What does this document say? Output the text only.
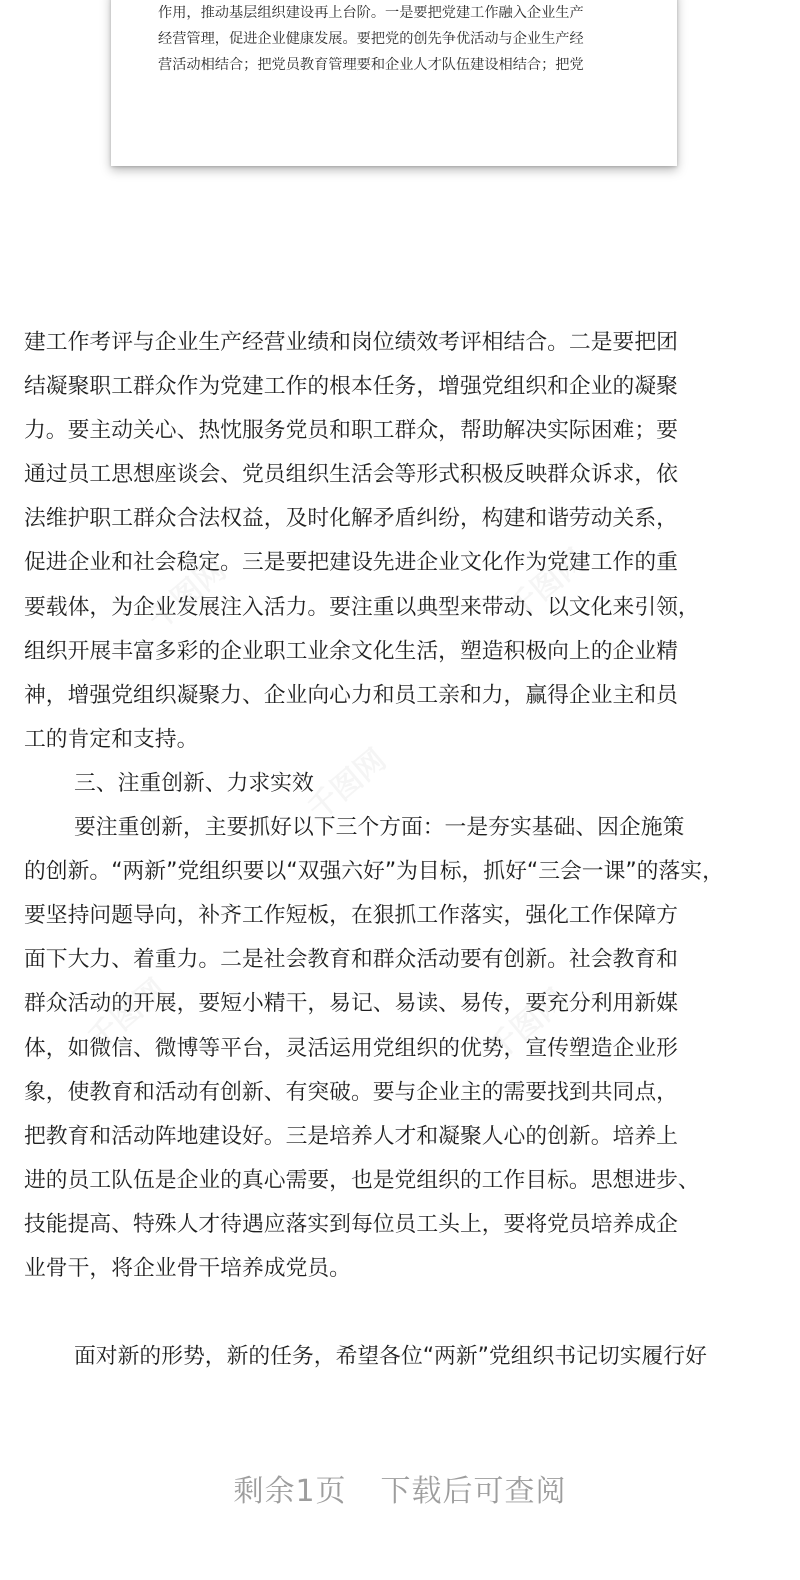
千图网	千图网
千图网
千图网	千图网
作用，推动基层组织建设再上台阶。一是要把党建工作融入企业生产
经营管理，促进企业健康发展。要把党的创先争优活动与企业生产经
营活动相结合；把党员教育管理要和企业人才队伍建设相结合；把党
建工作考评与企业生产经营业绩和岗位绩效考评相结合。二是要把团
结凝聚职工群众作为党建工作的根本任务，增强党组织和企业的凝聚
力。要主动关心、热忱服务党员和职工群众，帮助解决实际困难；要
通过员工思想座谈会、党员组织生活会等形式积极反映群众诉求，依
法维护职工群众合法权益，及时化解矛盾纠纷，构建和谐劳动关系，
促进企业和社会稳定。三是要把建设先进企业文化作为党建工作的重
要载体，为企业发展注入活力。要注重以典型来带动、以文化来引领，
组织开展丰富多彩的企业职工业余文化生活，塑造积极向上的企业精
神，增强党组织凝聚力、企业向心力和员工亲和力，赢得企业主和员
工的肯定和支持。
三、注重创新、力求实效
要注重创新，主要抓好以下三个方面：一是夯实基础、因企施策
的创新。“两新”党组织要以“双强六好”为目标，抓好“三会一课”的落实，
要坚持问题导向，补齐工作短板，在狠抓工作落实，强化工作保障方
面下大力、着重力。二是社会教育和群众活动要有创新。社会教育和
群众活动的开展，要短小精干，易记、易读、易传，要充分利用新媒
体，如微信、微博等平台，灵活运用党组织的优势，宣传塑造企业形
象，使教育和活动有创新、有突破。要与企业主的需要找到共同点，
把教育和活动阵地建设好。三是培养人才和凝聚人心的创新。培养上
进的员工队伍是企业的真心需要，也是党组织的工作目标。思想进步、
技能提高、特殊人才待遇应落实到每位员工头上，要将党员培养成企
业骨干，将企业骨干培养成党员。
面对新的形势，新的任务，希望各位“两新”党组织书记切实履行好
剩余1页 下载后可查阅
